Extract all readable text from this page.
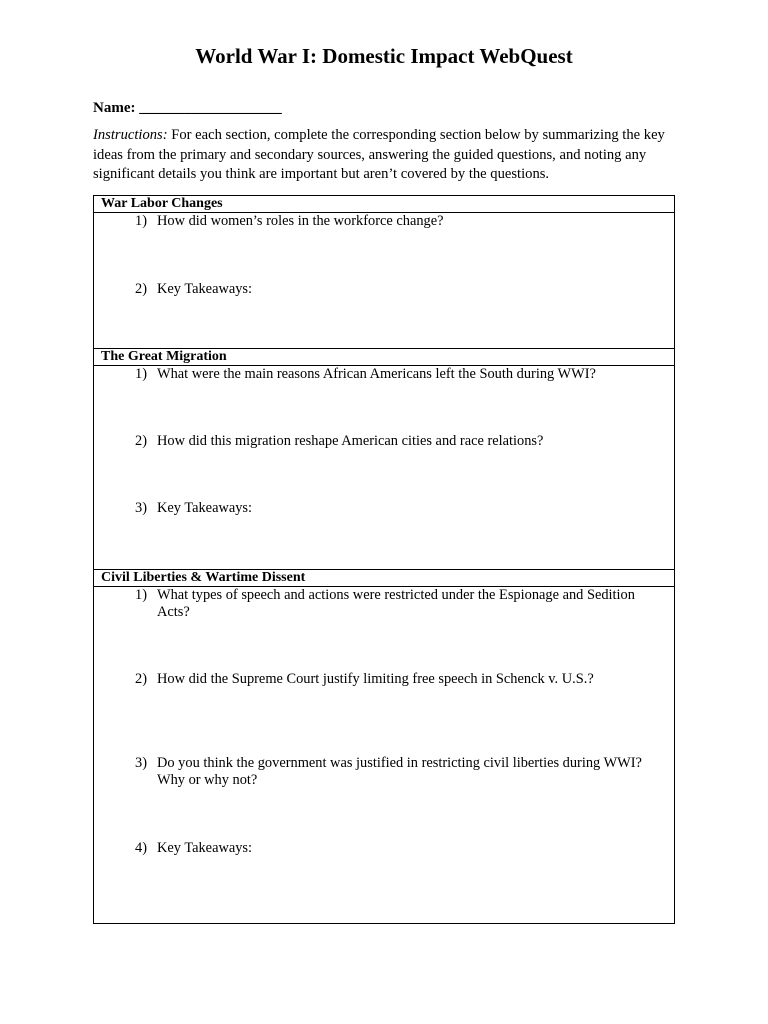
World War I: Domestic Impact WebQuest
Name: ___________________
Instructions: For each section, complete the corresponding section below by summarizing the key ideas from the primary and secondary sources, answering the guided questions, and noting any significant details you think are important but aren’t covered by the questions.
War Labor Changes
1) How did women’s roles in the workforce change?
2) Key Takeaways:
The Great Migration
1) What were the main reasons African Americans left the South during WWI?
2) How did this migration reshape American cities and race relations?
3) Key Takeaways:
Civil Liberties & Wartime Dissent
1) What types of speech and actions were restricted under the Espionage and Sedition Acts?
2) How did the Supreme Court justify limiting free speech in Schenck v. U.S.?
3) Do you think the government was justified in restricting civil liberties during WWI? Why or why not?
4) Key Takeaways:
